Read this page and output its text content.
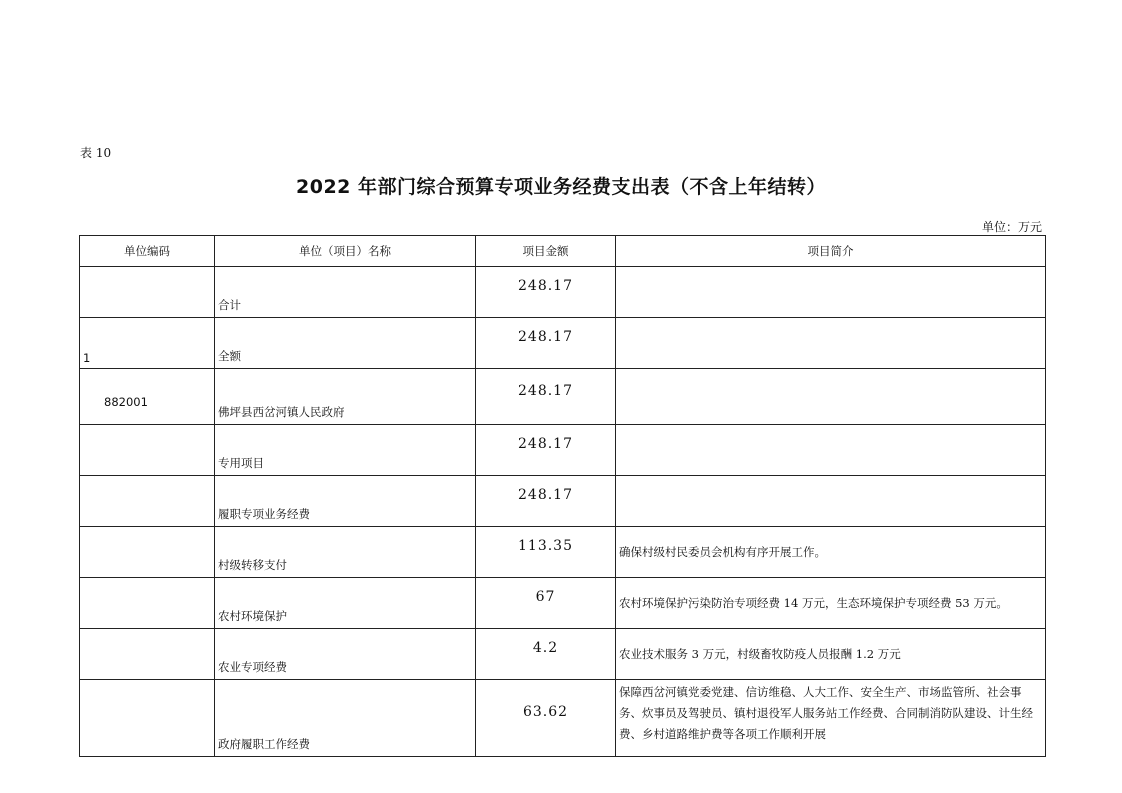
表 10
2022 年部门综合预算专项业务经费支出表（不含上年结转）
单位：万元
单位编码	单位（项目）名称	项目金额	项目简介
	合计	248.17	
1	全额	248.17	
882001	佛坪县西岔河镇人民政府	248.17	
	专用项目	248.17	
	履职专项业务经费	248.17	
	村级转移支付	113.35	确保村级村民委员会机构有序开展工作。
	农村环境保护	67	农村环境保护污染防治专项经费 14 万元，生态环境保护专项经费 53 万元。
	农业专项经费	4.2	农业技术服务 3 万元，村级畜牧防疫人员报酬 1.2 万元
	政府履职工作经费	63.62	保障西岔河镇党委党建、信访维稳、人大工作、安全生产、市场监管所、社会事务、炊事员及驾驶员、镇村退役军人服务站工作经费、合同制消防队建设、计生经费、乡村道路维护费等各项工作顺利开展
